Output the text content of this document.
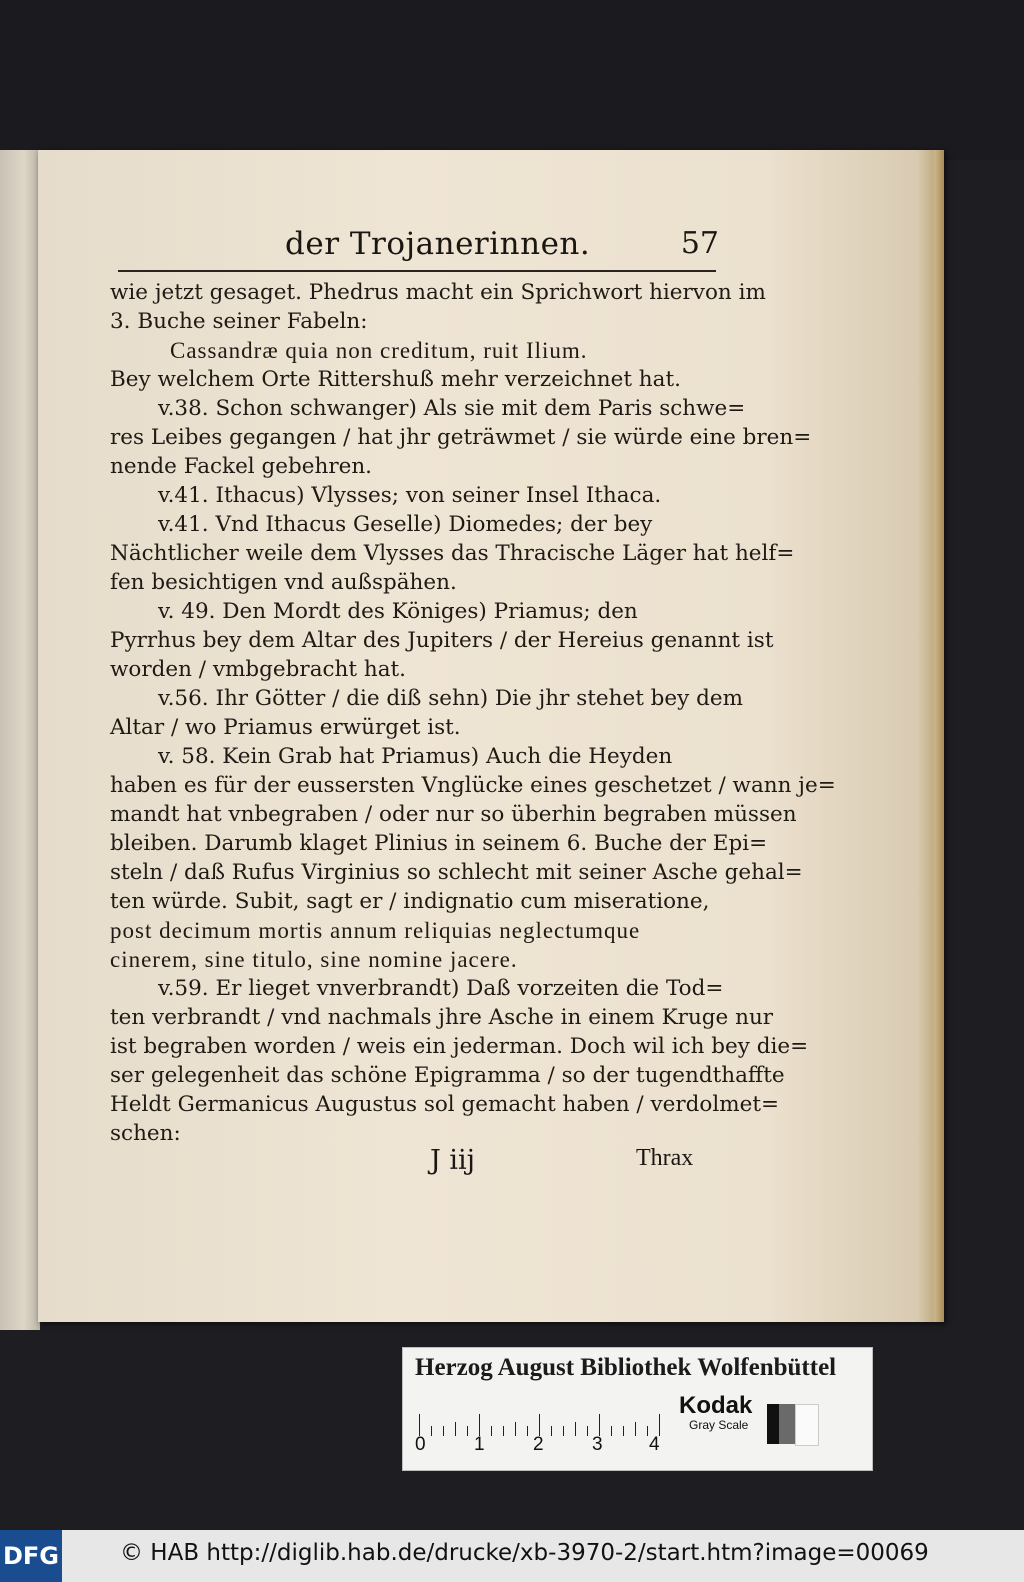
der Trojanerinnen.	57
wie jetzt gesaget. Phedrus macht ein Sprichwort hiervon im
3. Buche seiner Fabeln:
Cassandræ quia non creditum, ruit Ilium.
Bey welchem Orte Rittershuß mehr verzeichnet hat.
v.38. Schon schwanger) Als sie mit dem Paris schwe=
res Leibes gegangen / hat jhr geträwmet / sie würde eine bren=
nende Fackel gebehren.
v.41. Ithacus) Vlysses; von seiner Insel Ithaca.
v.41. Vnd Ithacus Geselle) Diomedes; der bey
Nächtlicher weile dem Vlysses das Thracische Läger hat helf=
fen besichtigen vnd außspähen.
v. 49. Den Mordt des Königes) Priamus; den
Pyrrhus bey dem Altar des Jupiters / der Hereius genannt ist
worden / vmbgebracht hat.
v.56. Ihr Götter / die diß sehn) Die jhr stehet bey dem
Altar / wo Priamus erwürget ist.
v. 58. Kein Grab hat Priamus) Auch die Heyden
haben es für der eussersten Vnglücke eines geschetzet / wann je=
mandt hat vnbegraben / oder nur so überhin begraben müssen
bleiben. Darumb klaget Plinius in seinem 6. Buche der Epi=
steln / daß Rufus Virginius so schlecht mit seiner Asche gehal=
ten würde. Subit, sagt er / indignatio cum miseratione,
post decimum mortis annum reliquias neglectumque
cinerem, sine titulo, sine nomine jacere.
v.59. Er lieget vnverbrandt) Daß vorzeiten die Tod=
ten verbrandt / vnd nachmals jhre Asche in einem Kruge nur
ist begraben worden / weis ein jederman. Doch wil ich bey die=
ser gelegenheit das schöne Epigramma / so der tugendthaffte
Heldt Germanicus Augustus sol gemacht haben / verdolmet=
schen:
J iij	Thrax
Herzog August Bibliothek Wolfenbüttel
0	1	2	3 4
Kodak
Gray Scale
DFG	© HAB http://diglib.hab.de/drucke/xb-3970-2/start.htm?image=00069
